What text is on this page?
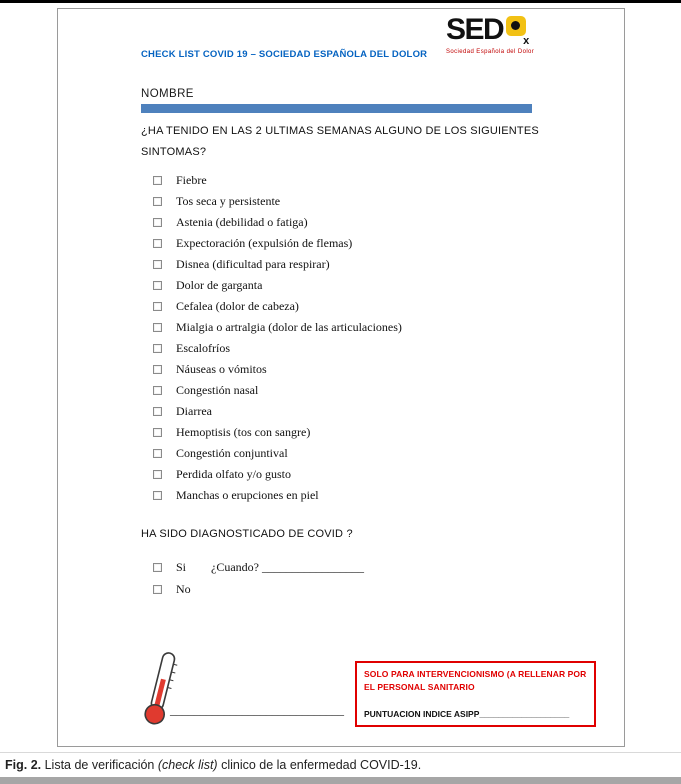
SED x
Sociedad Española del Dolor
CHECK LIST COVID 19 – SOCIEDAD ESPAÑOLA DEL DOLOR
NOMBRE
¿HA TENIDO EN LAS 2 ULTIMAS SEMANAS ALGUNO DE LOS SIGUIENTES SINTOMAS?
Fiebre
Tos seca y persistente
Astenia (debilidad o fatiga)
Expectoración (expulsión de flemas)
Disnea (dificultad para respirar)
Dolor de garganta
Cefalea (dolor de cabeza)
Mialgia o artralgia (dolor de las articulaciones)
Escalofríos
Náuseas o vómitos
Congestión nasal
Diarrea
Hemoptisis (tos con sangre)
Congestión conjuntival
Perdida olfato y/o gusto
Manchas o erupciones en piel
HA SIDO DIAGNOSTICADO DE COVID ?
Si ¿Cuando? _________________
No
_____________________________
SOLO PARA INTERVENCIONISMO (A RELLENAR POR EL PERSONAL SANITARIO
PUNTUACION INDICE ASIPP___________________
Fig. 2. Lista de verificación (check list) clinico de la enfermedad COVID-19.
